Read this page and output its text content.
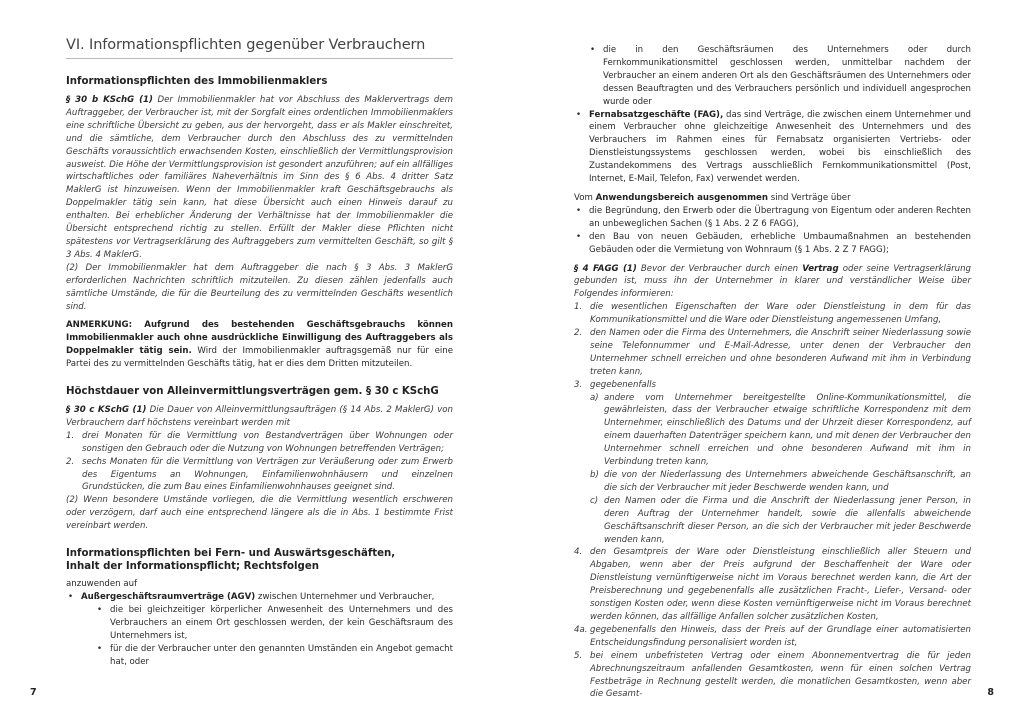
VI. Informationspflichten gegenüber Verbrauchern
Informationspflichten des Immobilienmaklers

§ 30 b KSchG (1) Der Immobilienmakler hat vor Abschluss des Maklervertrags dem Auftraggeber, der Verbraucher ist, mit der Sorgfalt eines ordentlichen Immobilienmaklers eine schriftliche Übersicht zu geben, aus der hervorgeht, dass er als Makler einschreitet, und die sämtliche, dem Verbraucher durch den Abschluss des zu vermittelnden Geschäfts voraussichtlich erwachsenden Kosten, einschließlich der Vermittlungsprovision ausweist. Die Höhe der Vermittlungsprovision ist gesondert anzuführen; auf ein allfälliges wirtschaftliches oder familiäres Naheverhältnis im Sinn des § 6 Abs. 4 dritter Satz MaklerG ist hinzuweisen. Wenn der Immobilienmakler kraft Geschäftsgebrauchs als Doppelmakler tätig sein kann, hat diese Übersicht auch einen Hinweis darauf zu enthalten. Bei erheblicher Änderung der Verhältnisse hat der Immobilienmakler die Übersicht entsprechend richtig zu stellen. Erfüllt der Makler diese Pflichten nicht spätestens vor Vertragserklärung des Auftraggebers zum vermittelten Geschäft, so gilt § 3 Abs. 4 MaklerG.

(2) Der Immobilienmakler hat dem Auftraggeber die nach § 3 Abs. 3 MaklerG erforderlichen Nachrichten schriftlich mitzuteilen. Zu diesen zählen jedenfalls auch sämtliche Umstände, die für die Beurteilung des zu vermittelnden Geschäfts wesentlich sind.

ANMERKUNG: Aufgrund des bestehenden Geschäftsgebrauchs können Immobilienmakler auch ohne ausdrückliche Einwilligung des Auftraggebers als Doppelmakler tätig sein. Wird der Immobilienmakler auftragsgemäß nur für eine Partei des zu vermittelnden Geschäfts tätig, hat er dies dem Dritten mitzuteilen.

Höchstdauer von Alleinvermittlungsverträgen gem. § 30 c KSchG

§ 30 c KSchG (1) Die Dauer von Alleinvermittlungsaufträgen (§ 14 Abs. 2 MaklerG) von Verbrauchern darf höchstens vereinbart werden mit

1. drei Monaten für die Vermittlung von Bestandverträgen über Wohnungen oder sonstigen den Gebrauch oder die Nutzung von Wohnungen betreffenden Verträgen;
2. sechs Monaten für die Vermittlung von Verträgen zur Veräußerung oder zum Erwerb des Eigentums an Wohnungen, Einfamilienwohnhäusern und einzelnen Grundstücken, die zum Bau eines Einfamilienwohnhauses geeignet sind.

(2) Wenn besondere Umstände vorliegen, die die Vermittlung wesentlich erschweren oder verzögern, darf auch eine entsprechend längere als die in Abs. 1 bestimmte Frist vereinbart werden.

Informationspflichten bei Fern- und Auswärtsgeschäften,
Inhalt der Informationspflicht; Rechtsfolgen

anzuwenden auf

• Außergeschäftsraumverträge (AGV) zwischen Unternehmer und Verbraucher,
• die bei gleichzeitiger körperlicher Anwesenheit des Unternehmers und des Verbrauchers an einem Ort geschlossen werden, der kein Geschäftsraum des Unternehmers ist,
• für die der Verbraucher unter den genannten Umständen ein Angebot gemacht hat, oder
7
• die in den Geschäftsräumen des Unternehmers oder durch Fernkommunikationsmittel geschlossen werden, unmittelbar nachdem der Verbraucher an einem anderen Ort als den Geschäftsräumen des Unternehmers oder dessen Beauftragten und des Verbrauchers persönlich und individuell angesprochen wurde oder
• Fernabsatzgeschäfte (FAG), das sind Verträge, die zwischen einem Unternehmer und einem Verbraucher ohne gleichzeitige Anwesenheit des Unternehmers und des Verbrauchers im Rahmen eines für Fernabsatz organisierten Vertriebs- oder Dienstleistungssystems geschlossen werden, wobei bis einschließlich des Zustandekommens des Vertrags ausschließlich Fernkommunikationsmittel (Post, Internet, E-Mail, Telefon, Fax) verwendet werden.

Vom Anwendungsbereich ausgenommen sind Verträge über

• die Begründung, den Erwerb oder die Übertragung von Eigentum oder anderen Rechten an unbeweglichen Sachen (§ 1 Abs. 2 Z 6 FAGG),
• den Bau von neuen Gebäuden, erhebliche Umbaumaßnahmen an bestehenden Gebäuden oder die Vermietung von Wohnraum (§ 1 Abs. 2 Z 7 FAGG);

§ 4 FAGG (1) Bevor der Verbraucher durch einen Vertrag oder seine Vertragserklärung gebunden ist, muss ihn der Unternehmer in klarer und verständlicher Weise über Folgendes informieren:

1. die wesentlichen Eigenschaften der Ware oder Dienstleistung in dem für das Kommunikationsmittel und die Ware oder Dienstleistung angemessenen Umfang,
2. den Namen oder die Firma des Unternehmers, die Anschrift seiner Niederlassung sowie seine Telefonnummer und E-Mail-Adresse, unter denen der Verbraucher den Unternehmer schnell erreichen und ohne besonderen Aufwand mit ihm in Verbindung treten kann,
3. gegebenenfalls
a) andere vom Unternehmer bereitgestellte Online-Kommunikationsmittel, die gewährleisten, dass der Verbraucher etwaige schriftliche Korrespondenz mit dem Unternehmer, einschließlich des Datums und der Uhrzeit dieser Korrespondenz, auf einem dauerhaften Datenträger speichern kann, und mit denen der Verbraucher den Unternehmer schnell erreichen und ohne besonderen Aufwand mit ihm in Verbindung treten kann,
b) die von der Niederlassung des Unternehmers abweichende Geschäftsanschrift, an die sich der Verbraucher mit jeder Beschwerde wenden kann, und
c) den Namen oder die Firma und die Anschrift der Niederlassung jener Person, in deren Auftrag der Unternehmer handelt, sowie die allenfalls abweichende Geschäftsanschrift dieser Person, an die sich der Verbraucher mit jeder Beschwerde wenden kann,
4. den Gesamtpreis der Ware oder Dienstleistung einschließlich aller Steuern und Abgaben, wenn aber der Preis aufgrund der Beschaffenheit der Ware oder Dienstleistung vernünftigerweise nicht im Voraus berechnet werden kann, die Art der Preisberechnung und gegebenenfalls alle zusätzlichen Fracht-, Liefer-, Versand- oder sonstigen Kosten oder, wenn diese Kosten vernünftigerweise nicht im Voraus berechnet werden können, das allfällige Anfallen solcher zusätzlichen Kosten,
4a. gegebenenfalls den Hinweis, dass der Preis auf der Grundlage einer automatisierten Entscheidungsfindung personalisiert worden ist,
5. bei einem unbefristeten Vertrag oder einem Abonnementvertrag die für jeden Abrechnungszeitraum anfallenden Gesamtkosten, wenn für einen solchen Vertrag Festbeträge in Rechnung gestellt werden, die monatlichen Gesamtkosten, wenn aber die Gesamt-	8
